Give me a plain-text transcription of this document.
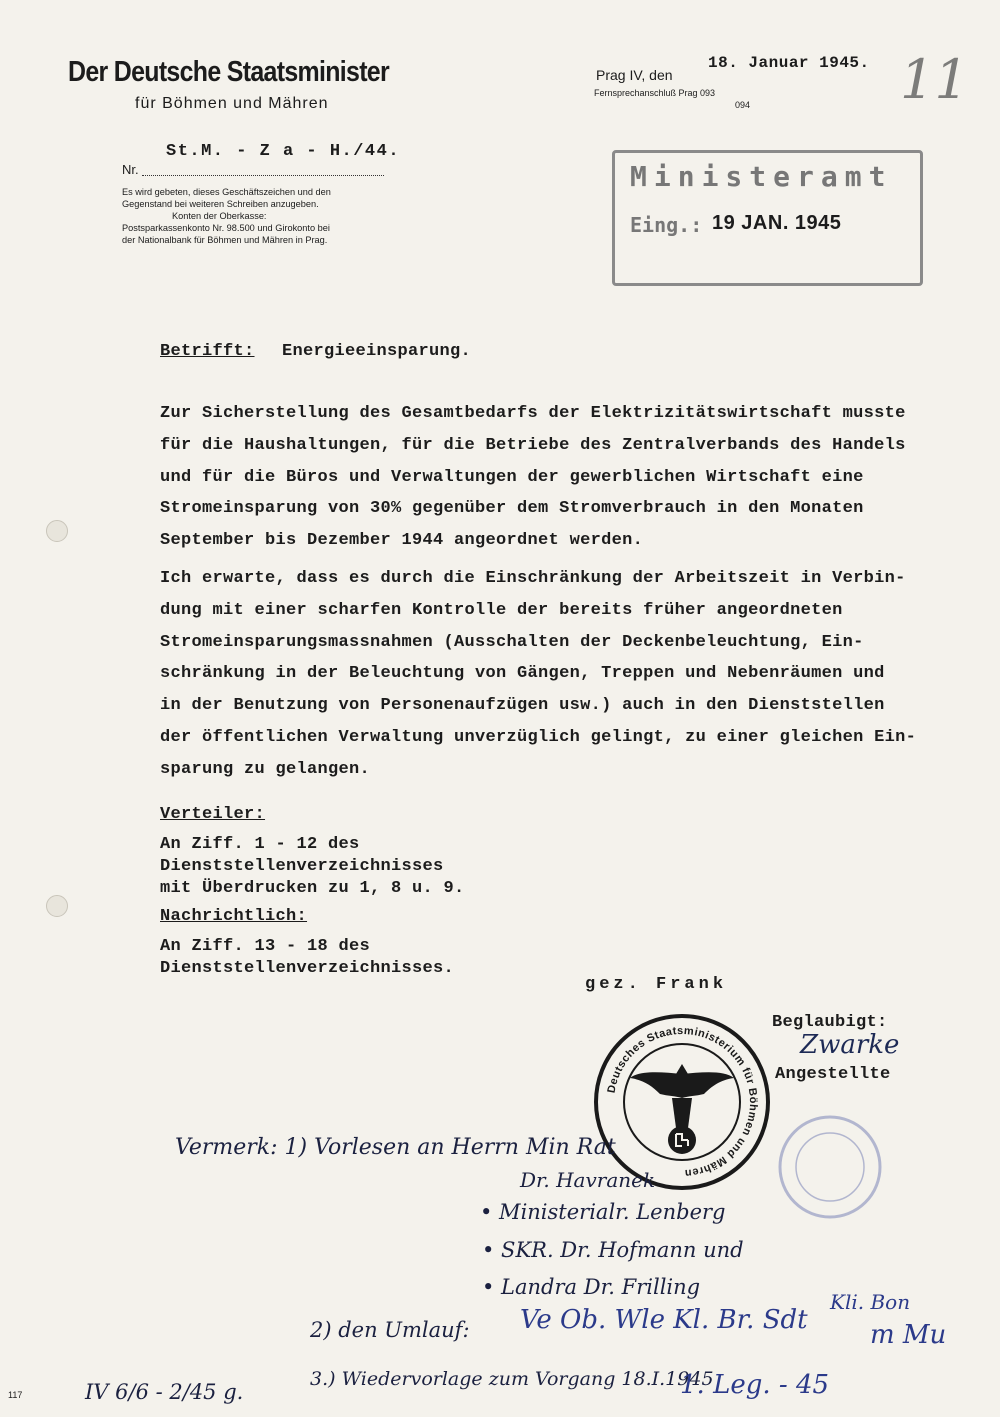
Der Deutsche Staatsminister
für Böhmen und Mähren
Nr.
St.M. - Z a - H./44.
Es wird gebeten, dieses Geschäftszeichen und den
Gegenstand bei weiteren Schreiben anzugeben.
Konten der Oberkasse:
Postsparkassenkonto Nr. 98.500 und Girokonto bei
der Nationalbank für Böhmen und Mähren in Prag.
Prag IV, den
18. Januar 1945.
Fernsprechanschluß Prag 093
094	11
Ministeramt
Eing.: 19 JAN. 1945
Betrifft: Energieeinsparung.
Zur Sicherstellung des Gesamtbedarfs der Elektrizitätswirtschaft musste
für die Haushaltungen, für die Betriebe des Zentralverbands des Handels
und für die Büros und Verwaltungen der gewerblichen Wirtschaft eine
Stromeinsparung von 30% gegenüber dem Stromverbrauch in den Monaten
September bis Dezember 1944 angeordnet werden.
Ich erwarte, dass es durch die Einschränkung der Arbeitszeit in Verbin-
dung mit einer scharfen Kontrolle der bereits früher angeordneten
Stromeinsparungsmassnahmen (Ausschalten der Deckenbeleuchtung, Ein-
schränkung in der Beleuchtung von Gängen, Treppen und Nebenräumen und
in der Benutzung von Personenaufzügen usw.) auch in den Dienststellen
der öffentlichen Verwaltung unverzüglich gelingt, zu einer gleichen Ein-
sparung zu gelangen.
Verteiler:
An Ziff. 1 - 12 des
Dienststellenverzeichnisses
mit Überdrucken zu 1, 8 u. 9.
Nachrichtlich:
An Ziff. 13 - 18 des
Dienststellenverzeichnisses.
gez. Frank
Beglaubigt:
Zwarke
Angestellte
Deutsches Staatsministerium für Böhmen und Mähren
Vermerk: 1) Vorlesen an Herrn Min Rat
Dr. Havranek
• Ministerialr. Lenberg
• SKR. Dr. Hofmann und
• Landra Dr. Frilling
2) den Umlauf: Ve Ob. Wle Kl. Br. Sdt
Kli. Bon
m Mu
3.) Wiedervorlage zum Vorgang 18.I.1945
IV 6/6 - 2/45 g.	1. Leg. - 45
117
